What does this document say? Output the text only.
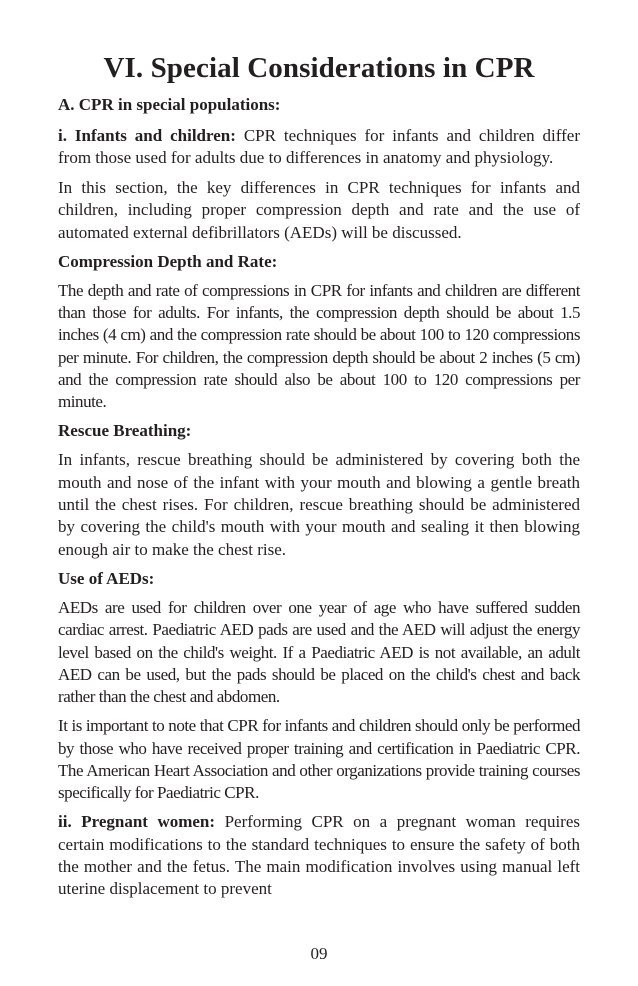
VI. Special Considerations in CPR
A. CPR in special populations:

i. Infants and children: CPR techniques for infants and children differ from those used for adults due to differences in anatomy and physiology.

In this section, the key differences in CPR techniques for infants and children, including proper compression depth and rate and the use of automated external defibrillators (AEDs) will be discussed.

Compression Depth and Rate:

The depth and rate of compressions in CPR for infants and children are different than those for adults. For infants, the compression depth should be about 1.5 inches (4 cm) and the compression rate should be about 100 to 120 compressions per minute. For children, the compression depth should be about 2 inches (5 cm) and the compression rate should also be about 100 to 120 compressions per minute.

Rescue Breathing:

In infants, rescue breathing should be administered by covering both the mouth and nose of the infant with your mouth and blowing a gentle breath until the chest rises. For children, rescue breathing should be administered by covering the child's mouth with your mouth and sealing it then blowing enough air to make the chest rise.

Use of AEDs:

AEDs are used for children over one year of age who have suffered sudden cardiac arrest. Paediatric AED pads are used and the AED will adjust the energy level based on the child's weight. If a Paediatric AED is not available, an adult AED can be used, but the pads should be placed on the child's chest and back rather than the chest and abdomen.

It is important to note that CPR for infants and children should only be performed by those who have received proper training and certification in Paediatric CPR. The American Heart Association and other organizations provide training courses specifically for Paediatric CPR.

ii. Pregnant women: Performing CPR on a pregnant woman requires certain modifications to the standard techniques to ensure the safety of both the mother and the fetus. The main modification involves using manual left uterine displacement to prevent

09
